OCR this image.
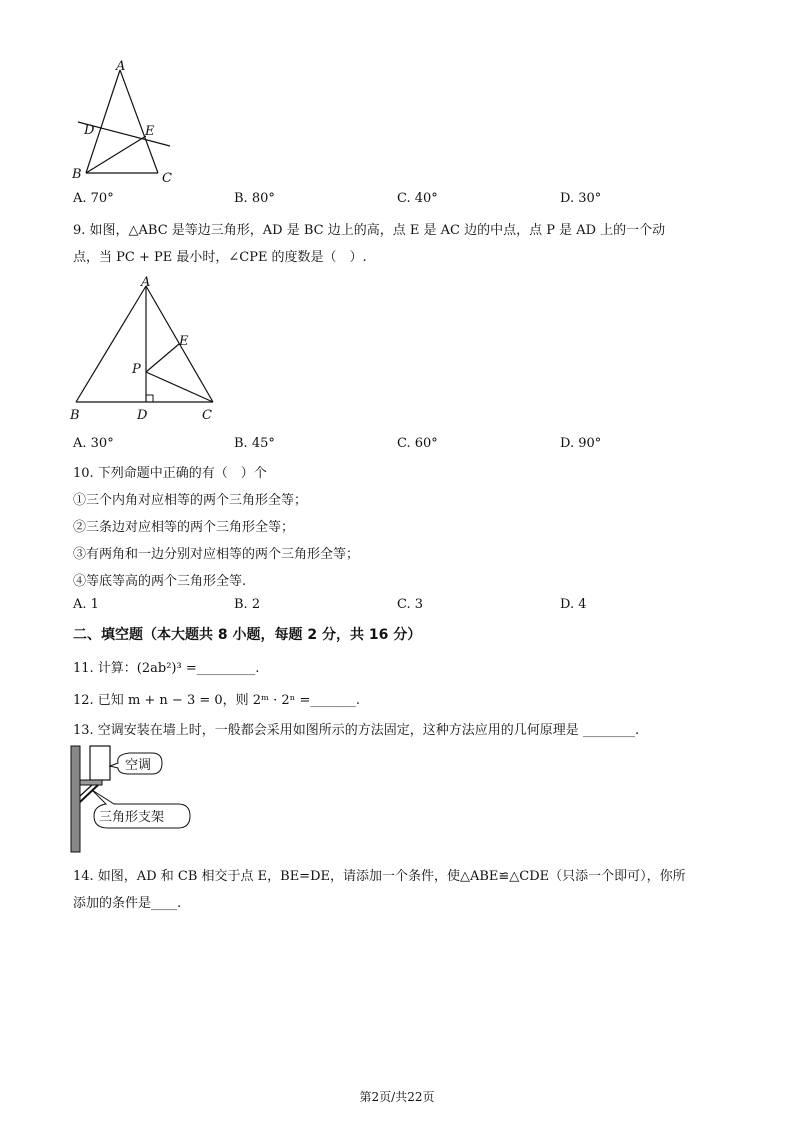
A
D	E
B	C
A. 70°	B. 80°	C. 40°	D. 30°
9. 如图，△ABC 是等边三角形，AD 是 BC 边上的高，点 E 是 AC 边的中点，点 P 是 AD 上的一个动
点，当 PC + PE 最小时，∠CPE 的度数是（　）.
A
E
P
B	D	C
A. 30°	B. 45°	C. 60°	D. 90°
10. 下列命题中正确的有（　）个
①三个内角对应相等的两个三角形全等；
②三条边对应相等的两个三角形全等；
③有两角和一边分别对应相等的两个三角形全等；
④等底等高的两个三角形全等.
A. 1	B. 2	C. 3	D. 4
二、填空题（本大题共 8 小题，每题 2 分，共 16 分）
11. 计算：(2ab²)³ =_________.
12. 已知 m + n − 3 = 0，则 2ᵐ · 2ⁿ =_______.
13. 空调安装在墙上时，一般都会采用如图所示的方法固定，这种方法应用的几何原理是 ________.
空调
三角形支架
14. 如图，AD 和 CB 相交于点 E，BE=DE，请添加一个条件，使△ABE≌△CDE（只添一个即可），你所
添加的条件是____.
第2页/共22页
